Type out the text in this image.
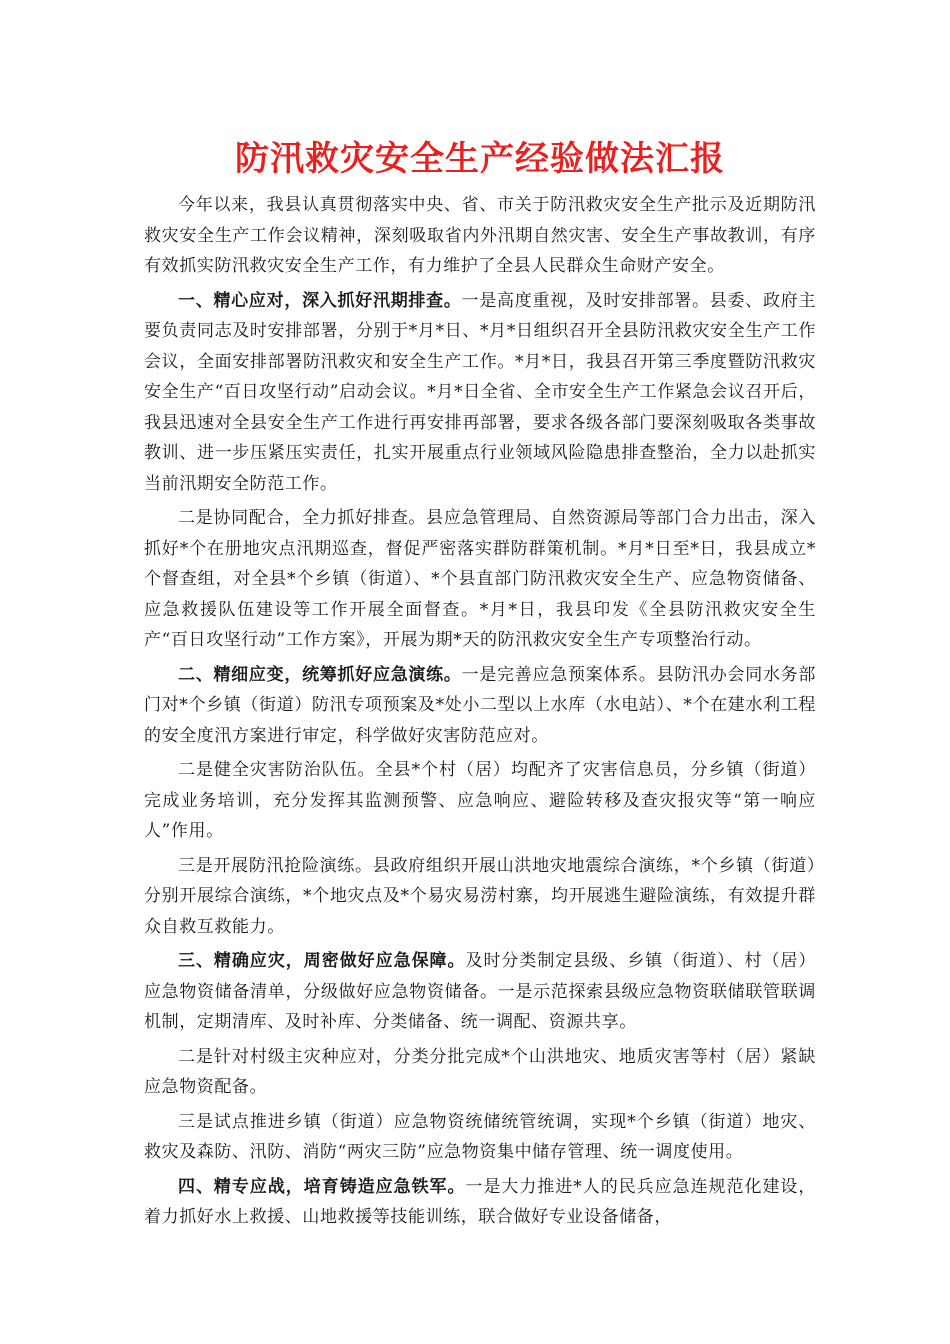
防汛救灾安全生产经验做法汇报

今年以来，我县认真贯彻落实中央、省、市关于防汛救灾安全生产批示及近期防汛救灾安全生产工作会议精神，深刻吸取省内外汛期自然灾害、安全生产事故教训，有序有效抓实防汛救灾安全生产工作，有力维护了全县人民群众生命财产安全。

一、精心应对，深入抓好汛期排查。一是高度重视，及时安排部署。县委、政府主要负责同志及时安排部署，分别于*月*日、*月*日组织召开全县防汛救灾安全生产工作会议，全面安排部署防汛救灾和安全生产工作。*月*日，我县召开第三季度暨防汛救灾安全生产“百日攻坚行动”启动会议。*月*日全省、全市安全生产工作紧急会议召开后，我县迅速对全县安全生产工作进行再安排再部署，要求各级各部门要深刻吸取各类事故教训、进一步压紧压实责任，扎实开展重点行业领域风险隐患排查整治，全力以赴抓实当前汛期安全防范工作。

二是协同配合，全力抓好排查。县应急管理局、自然资源局等部门合力出击，深入抓好*个在册地灾点汛期巡查，督促严密落实群防群策机制。*月*日至*日，我县成立*个督查组，对全县*个乡镇（街道）、*个县直部门防汛救灾安全生产、应急物资储备、应急救援队伍建设等工作开展全面督查。*月*日，我县印发《全县防汛救灾安全生产“百日攻坚行动”工作方案》，开展为期*天的防汛救灾安全生产专项整治行动。

二、精细应变，统筹抓好应急演练。一是完善应急预案体系。县防汛办会同水务部门对*个乡镇（街道）防汛专项预案及*处小二型以上水库（水电站）、*个在建水利工程的安全度汛方案进行审定，科学做好灾害防范应对。

二是健全灾害防治队伍。全县*个村（居）均配齐了灾害信息员，分乡镇（街道）完成业务培训，充分发挥其监测预警、应急响应、避险转移及查灾报灾等“第一响应人”作用。

三是开展防汛抢险演练。县政府组织开展山洪地灾地震综合演练，*个乡镇（街道）分别开展综合演练，*个地灾点及*个易灾易涝村寨，均开展逃生避险演练，有效提升群众自救互救能力。

三、精确应灾，周密做好应急保障。及时分类制定县级、乡镇（街道）、村（居）应急物资储备清单，分级做好应急物资储备。一是示范探索县级应急物资联储联管联调机制，定期清库、及时补库、分类储备、统一调配、资源共享。

二是针对村级主灾种应对，分类分批完成*个山洪地灾、地质灾害等村（居）紧缺应急物资配备。

三是试点推进乡镇（街道）应急物资统储统管统调，实现*个乡镇（街道）地灾、救灾及森防、汛防、消防“两灾三防”应急物资集中储存管理、统一调度使用。

四、精专应战，培育铸造应急铁军。一是大力推进*人的民兵应急连规范化建设，着力抓好水上救援、山地救援等技能训练，联合做好专业设备储备，
